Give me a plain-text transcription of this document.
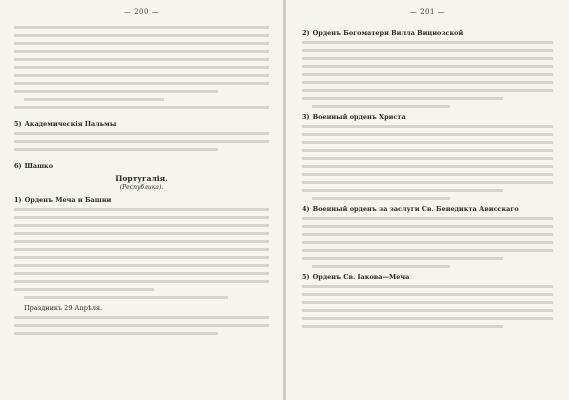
— 200 —
5) Академическія Пальмы
6) Шашко
Португалія.
(Республика).
1) Орденъ Меча и Башни
Праздникъ 29 Апрѣля.
— 201 —
2) Орденъ Богоматери Вилла Вициозской
3) Военный орденъ Христа
4) Военный орденъ за заслуги Св. Бенедикта Ависскаго
5) Орденъ Св. Іакова—Меча
